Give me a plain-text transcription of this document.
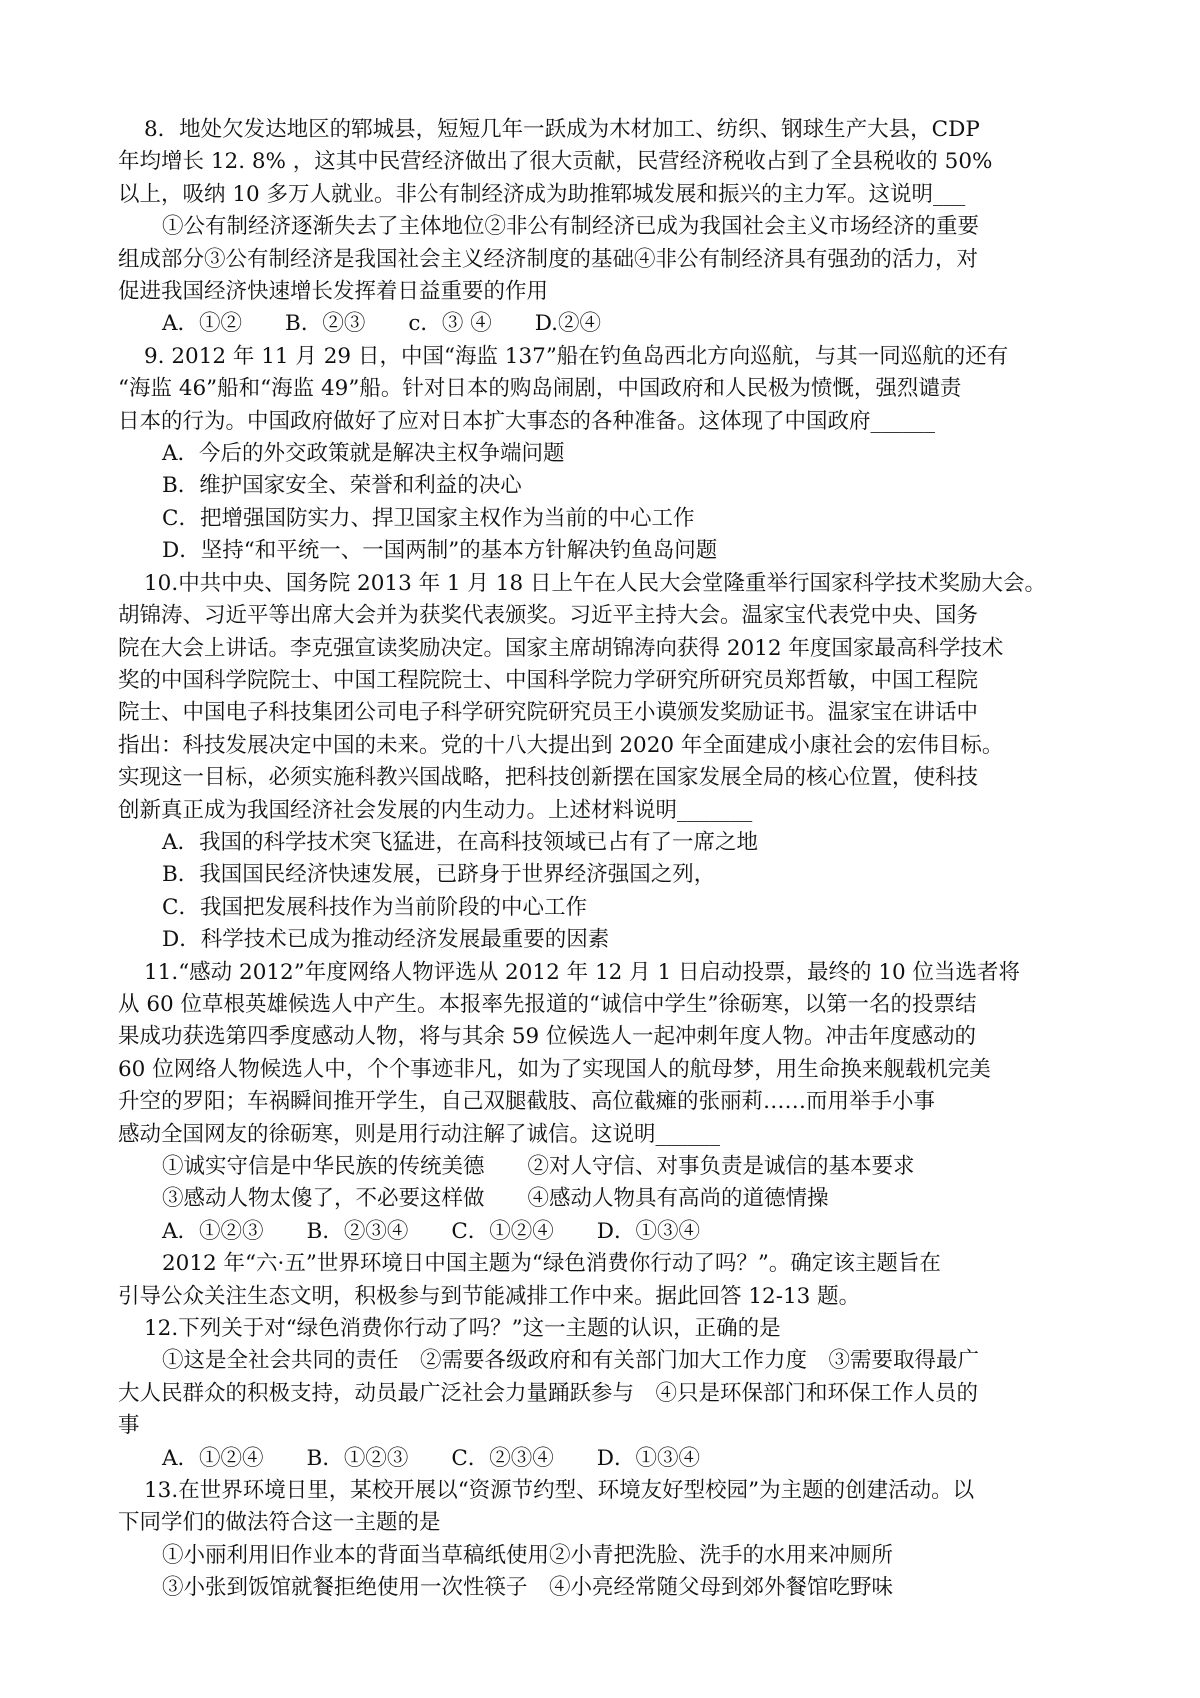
8．地处欠发达地区的郓城县，短短几年一跃成为木材加工、纺织、钢球生产大县，CDP
年均增长 12. 8% ，这其中民营经济做出了很大贡献，民营经济税收占到了全县税收的 50%
以上，吸纳 10 多万人就业。非公有制经济成为助推郓城发展和振兴的主力军。这说明___
①公有制经济逐渐失去了主体地位②非公有制经济已成为我国社会主义市场经济的重要
组成部分③公有制经济是我国社会主义经济制度的基础④非公有制经济具有强劲的活力，对
促进我国经济快速增长发挥着日益重要的作用
A．①②　　B．②③　　c．③ ④　　D.②④
9. 2012 年 11 月 29 日，中国“海监 137”船在钓鱼岛西北方向巡航，与其一同巡航的还有
“海监 46”船和“海监 49”船。针对日本的购岛闹剧，中国政府和人民极为愤慨，强烈谴责
日本的行为。中国政府做好了应对日本扩大事态的各种准备。这体现了中国政府______
A．今后的外交政策就是解决主权争端问题
B．维护国家安全、荣誉和利益的决心
C．把增强国防实力、捍卫国家主权作为当前的中心工作
D．坚持“和平统一、一国两制”的基本方针解决钓鱼岛问题
10.中共中央、国务院 2013 年 1 月 18 日上午在人民大会堂隆重举行国家科学技术奖励大会。
胡锦涛、习近平等出席大会并为获奖代表颁奖。习近平主持大会。温家宝代表党中央、国务
院在大会上讲话。李克强宣读奖励决定。国家主席胡锦涛向获得 2012 年度国家最高科学技术
奖的中国科学院院士、中国工程院院士、中国科学院力学研究所研究员郑哲敏，中国工程院
院士、中国电子科技集团公司电子科学研究院研究员王小谟颁发奖励证书。温家宝在讲话中
指出：科技发展决定中国的未来。党的十八大提出到 2020 年全面建成小康社会的宏伟目标。
实现这一目标，必须实施科教兴国战略，把科技创新摆在国家发展全局的核心位置，使科技
创新真正成为我国经济社会发展的内生动力。上述材料说明_______
A．我国的科学技术突飞猛进，在高科技领域已占有了一席之地
B．我国国民经济快速发展，已跻身于世界经济强国之列，
C．我国把发展科技作为当前阶段的中心工作
D．科学技术已成为推动经济发展最重要的因素
11.“感动 2012”年度网络人物评选从 2012 年 12 月 1 日启动投票，最终的 10 位当选者将
从 60 位草根英雄候选人中产生。本报率先报道的“诚信中学生”徐砺寒，以第一名的投票结
果成功获选第四季度感动人物，将与其余 59 位候选人一起冲刺年度人物。冲击年度感动的
60 位网络人物候选人中，个个事迹非凡，如为了实现国人的航母梦，用生命换来舰载机完美
升空的罗阳；车祸瞬间推开学生，自己双腿截肢、高位截瘫的张丽莉……而用举手小事
感动全国网友的徐砺寒，则是用行动注解了诚信。这说明______
①诚实守信是中华民族的传统美德　　②对人守信、对事负责是诚信的基本要求
③感动人物太傻了，不必要这样做　　④感动人物具有高尚的道德情操
A．①②③　　B．②③④　　C．①②④　　D．①③④
2012 年“六·五”世界环境日中国主题为“绿色消费你行动了吗？”。确定该主题旨在
引导公众关注生态文明，积极参与到节能减排工作中来。据此回答 12-13 题。
12.下列关于对“绿色消费你行动了吗？”这一主题的认识，正确的是
①这是全社会共同的责任　②需要各级政府和有关部门加大工作力度　③需要取得最广
大人民群众的积极支持，动员最广泛社会力量踊跃参与　④只是环保部门和环保工作人员的
事
A．①②④　　B．①②③　　C．②③④　　D．①③④
13.在世界环境日里，某校开展以“资源节约型、环境友好型校园”为主题的创建活动。以
下同学们的做法符合这一主题的是
①小丽利用旧作业本的背面当草稿纸使用②小青把洗脸、洗手的水用来冲厕所
③小张到饭馆就餐拒绝使用一次性筷子　④小亮经常随父母到郊外餐馆吃野味
